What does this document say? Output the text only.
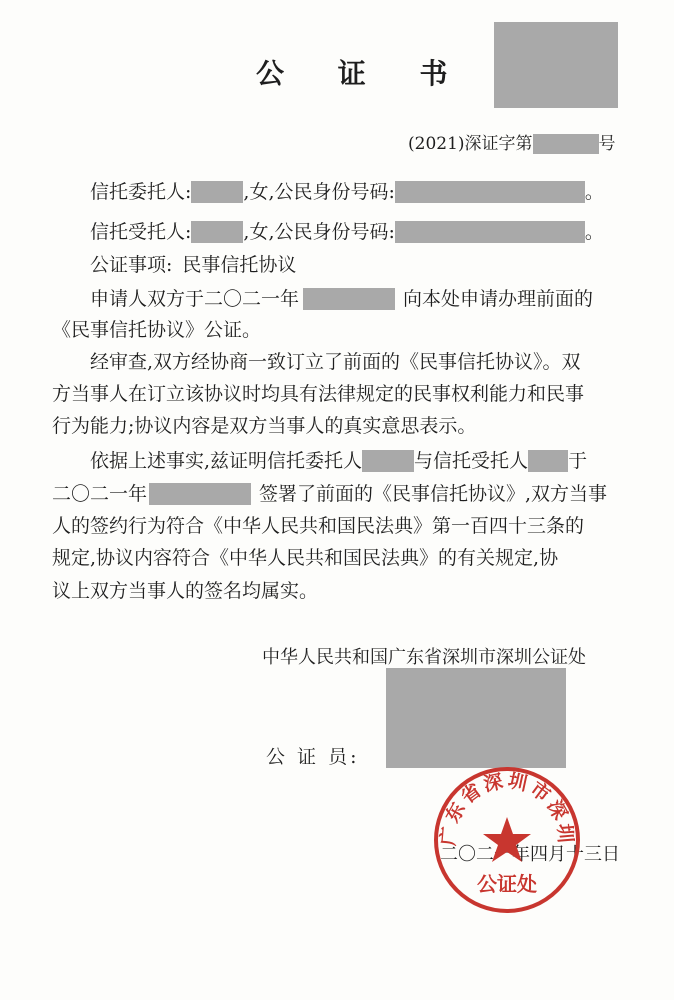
公 证 书
(2021)深证字第	号
信托委托人:	,女,公民身份号码:	。
信托受托人:	,女,公民身份号码:	。
公证事项: 民事信托协议
申请人双方于二〇二一年	向本处申请办理前面的
《民事信托协议》公证。
经审查,双方经协商一致订立了前面的《民事信托协议》。双
方当事人在订立该协议时均具有法律规定的民事权利能力和民事
行为能力;协议内容是双方当事人的真实意思表示。
依据上述事实,兹证明信托委托人	与信托受托人 于
二〇二一年	签署了前面的《民事信托协议》,双方当事
人的签约行为符合《中华人民共和国民法典》第一百四十三条的
规定,协议内容符合《中华人民共和国民法典》的有关规定,协
议上双方当事人的签名均属实。
中华人民共和国广东省深圳市深圳公证处
公 证 员:
二〇二一年四月十三日
广东省深圳市深圳
公证处
